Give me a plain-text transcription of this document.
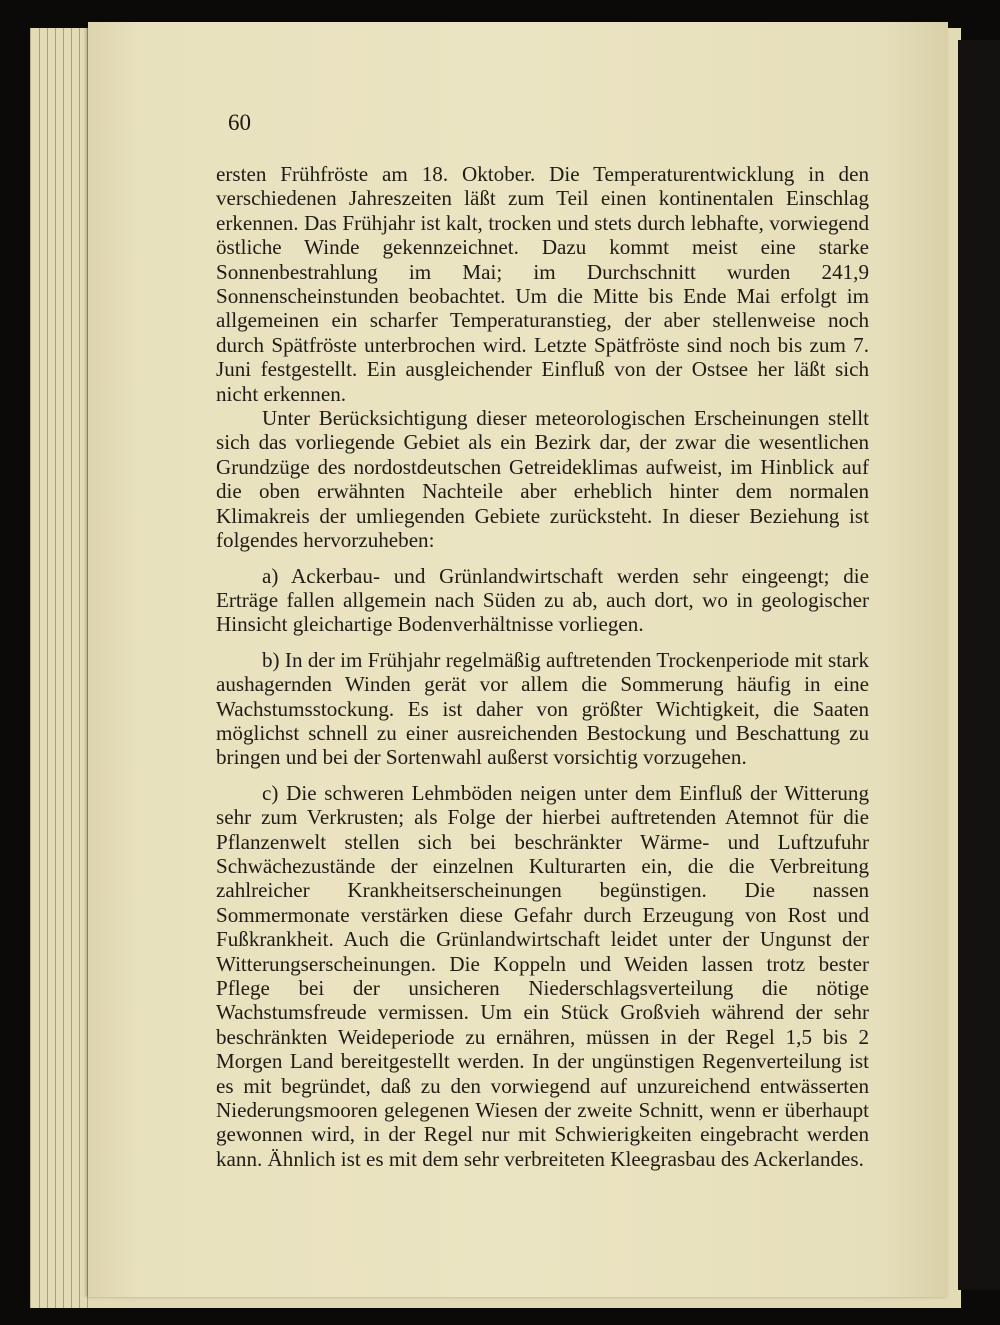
60

ersten Frühfröste am 18. Oktober. Die Temperaturentwicklung in den verschiedenen Jahreszeiten läßt zum Teil einen kontinentalen Einschlag erkennen. Das Frühjahr ist kalt, trocken und stets durch lebhafte, vorwiegend östliche Winde gekennzeichnet. Dazu kommt meist eine starke Sonnenbestrahlung im Mai; im Durchschnitt wurden 241,9 Sonnenscheinstunden beobachtet. Um die Mitte bis Ende Mai erfolgt im allgemeinen ein scharfer Temperaturanstieg, der aber stellenweise noch durch Spätfröste unterbrochen wird. Letzte Spätfröste sind noch bis zum 7. Juni festgestellt. Ein ausgleichender Einfluß von der Ostsee her läßt sich nicht erkennen.

Unter Berücksichtigung dieser meteorologischen Erscheinungen stellt sich das vorliegende Gebiet als ein Bezirk dar, der zwar die wesentlichen Grundzüge des nordostdeutschen Getreideklimas aufweist, im Hinblick auf die oben erwähnten Nachteile aber erheblich hinter dem normalen Klimakreis der umliegenden Gebiete zurücksteht. In dieser Beziehung ist folgendes hervorzuheben:

a) Ackerbau- und Grünlandwirtschaft werden sehr eingeengt; die Erträge fallen allgemein nach Süden zu ab, auch dort, wo in geologischer Hinsicht gleichartige Bodenverhältnisse vorliegen.

b) In der im Frühjahr regelmäßig auftretenden Trockenperiode mit stark aushagernden Winden gerät vor allem die Sommerung häufig in eine Wachstumsstockung. Es ist daher von größter Wichtigkeit, die Saaten möglichst schnell zu einer ausreichenden Bestockung und Beschattung zu bringen und bei der Sortenwahl außerst vorsichtig vorzugehen.

c) Die schweren Lehmböden neigen unter dem Einfluß der Witterung sehr zum Verkrusten; als Folge der hierbei auftretenden Atemnot für die Pflanzenwelt stellen sich bei beschränkter Wärme- und Luftzufuhr Schwächezustände der einzelnen Kulturarten ein, die die Verbreitung zahlreicher Krankheitserscheinungen begünstigen. Die nassen Sommermonate verstärken diese Gefahr durch Erzeugung von Rost und Fußkrankheit. Auch die Grünlandwirtschaft leidet unter der Ungunst der Witterungserscheinungen. Die Koppeln und Weiden lassen trotz bester Pflege bei der unsicheren Niederschlagsverteilung die nötige Wachstumsfreude vermissen. Um ein Stück Großvieh während der sehr beschränkten Weideperiode zu ernähren, müssen in der Regel 1,5 bis 2 Morgen Land bereitgestellt werden. In der ungünstigen Regenverteilung ist es mit begründet, daß zu den vorwiegend auf unzureichend entwässerten Niederungsmooren gelegenen Wiesen der zweite Schnitt, wenn er überhaupt gewonnen wird, in der Regel nur mit Schwierigkeiten eingebracht werden kann. Ähnlich ist es mit dem sehr verbreiteten Kleegrasbau des Ackerlandes.
